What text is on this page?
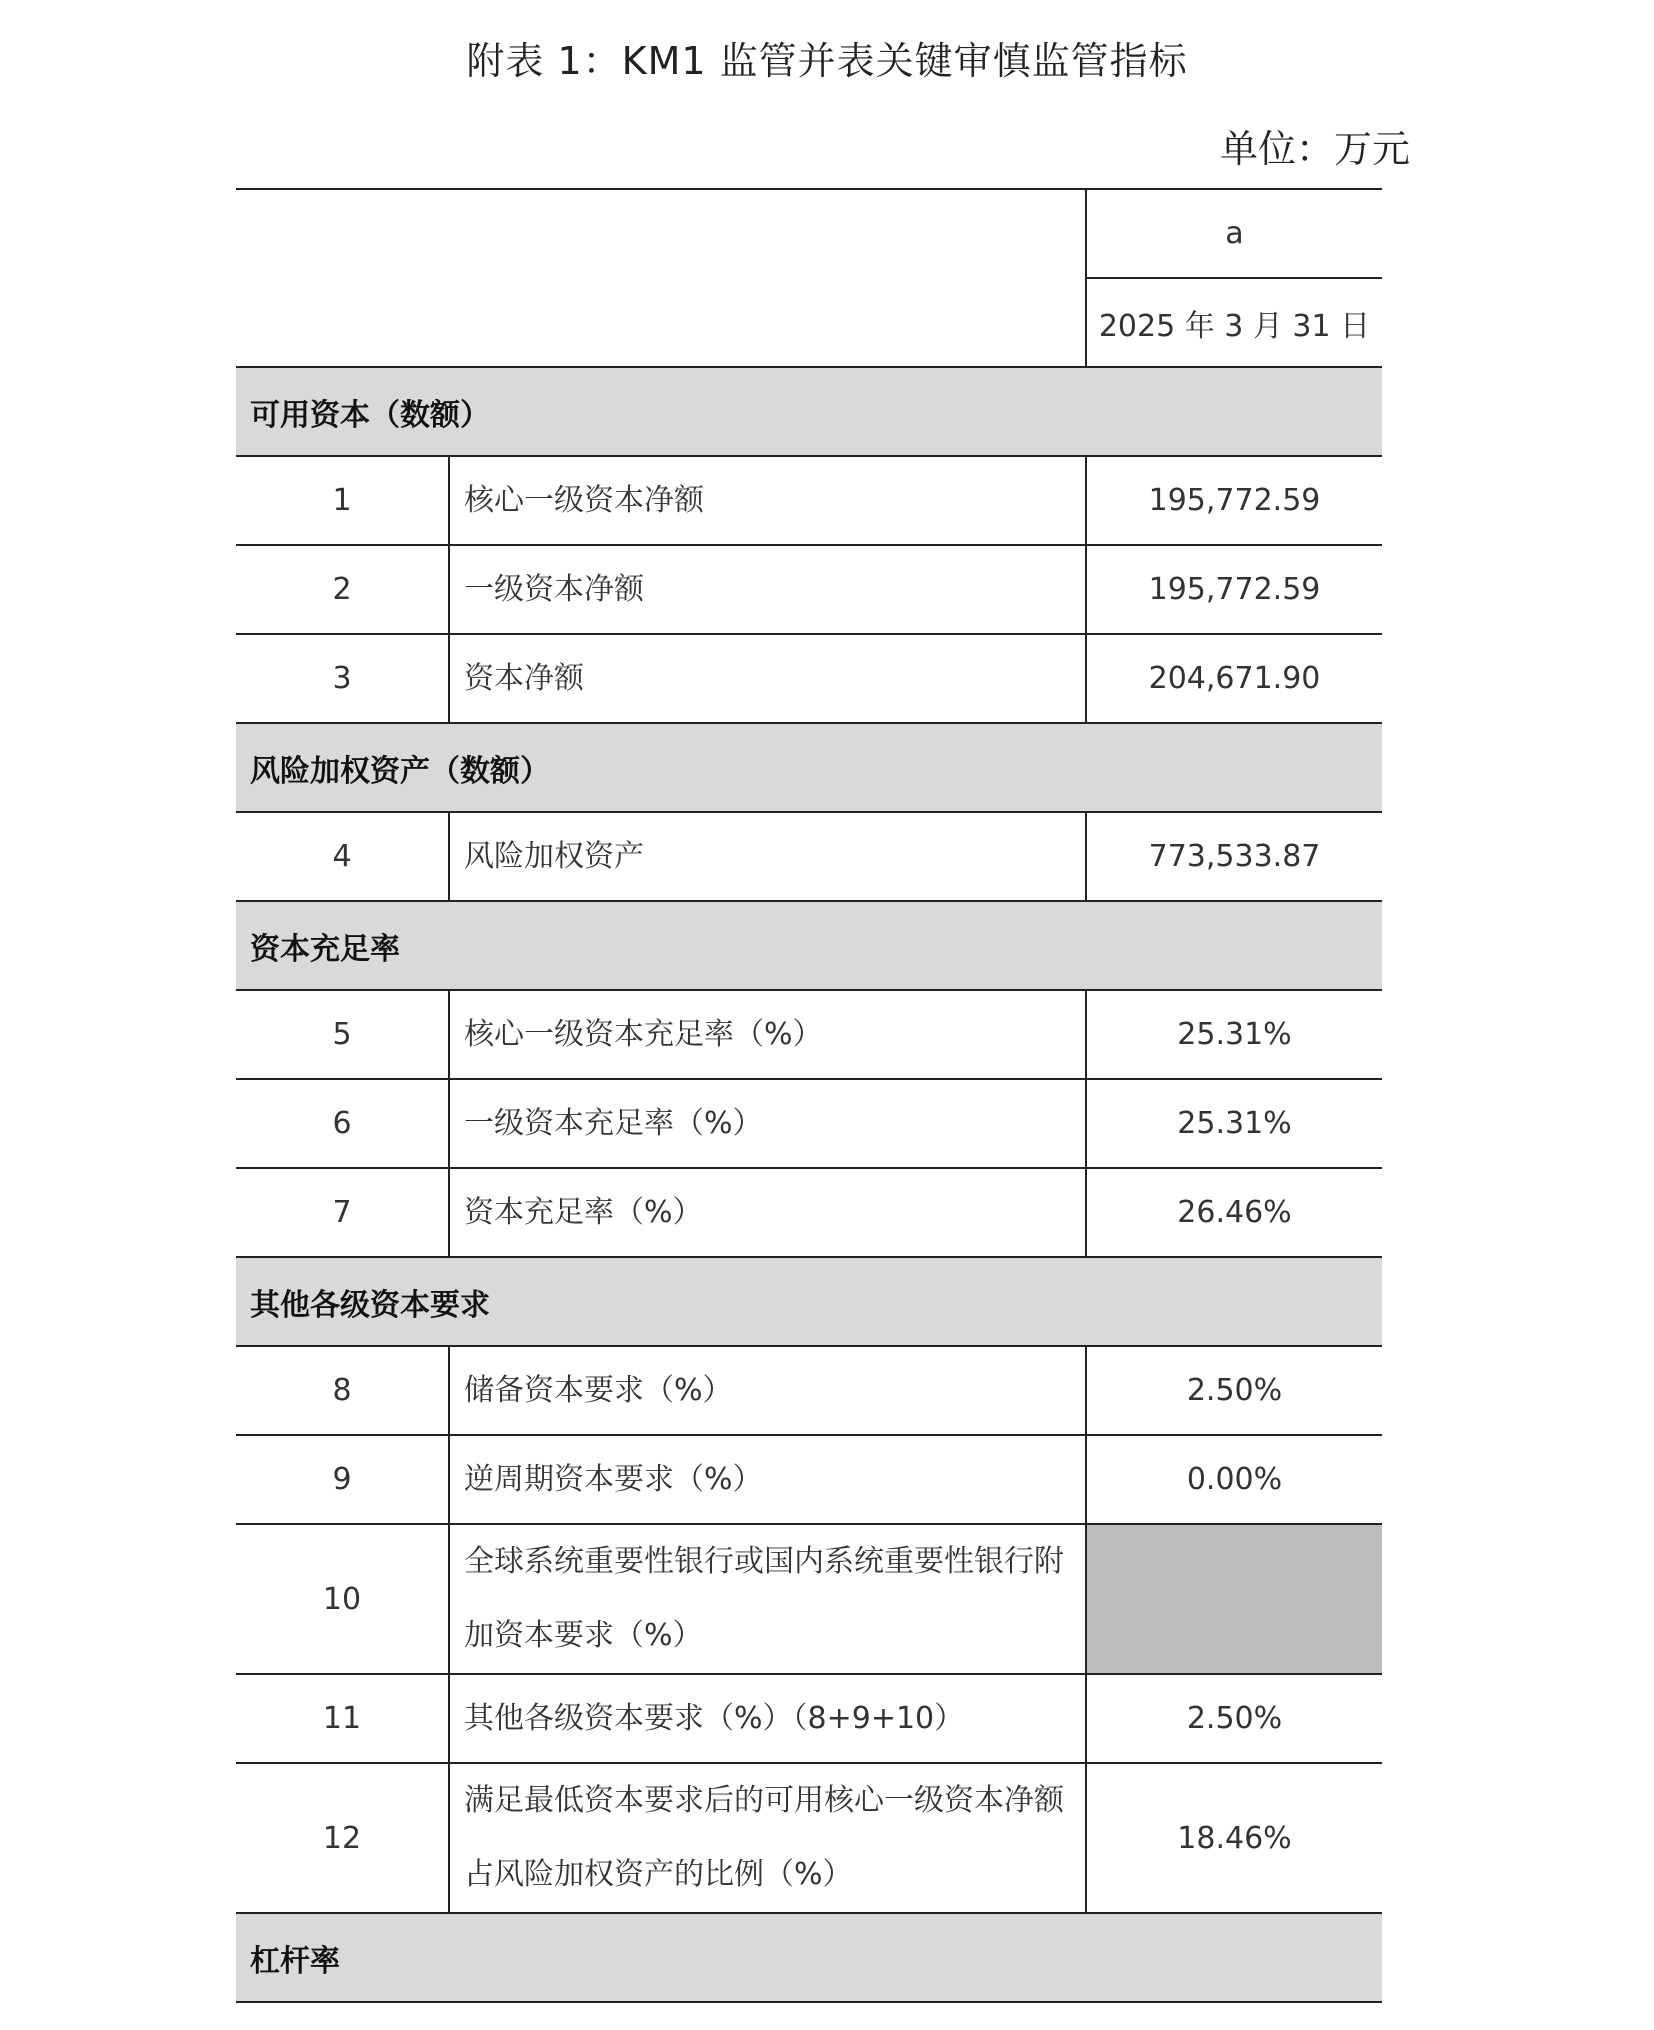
附表 1：KM1 监管并表关键审慎监管指标
单位：万元
		a
		2025 年 3 月 31 日
可用资本（数额）		
1	核心一级资本净额	195,772.59
2	一级资本净额	195,772.59
3	资本净额	204,671.90
风险加权资产（数额）		
4	风险加权资产	773,533.87
资本充足率		
5	核心一级资本充足率（%）	25.31%
6	一级资本充足率（%）	25.31%
7	资本充足率（%）	26.46%
其他各级资本要求		
8	储备资本要求（%）	2.50%
9	逆周期资本要求（%）	0.00%
10	全球系统重要性银行或国内系统重要性银行附加资本要求（%）	
11	其他各级资本要求（%）（8+9+10）	2.50%
12	满足最低资本要求后的可用核心一级资本净额占风险加权资产的比例（%）	18.46%
杠杆率		
